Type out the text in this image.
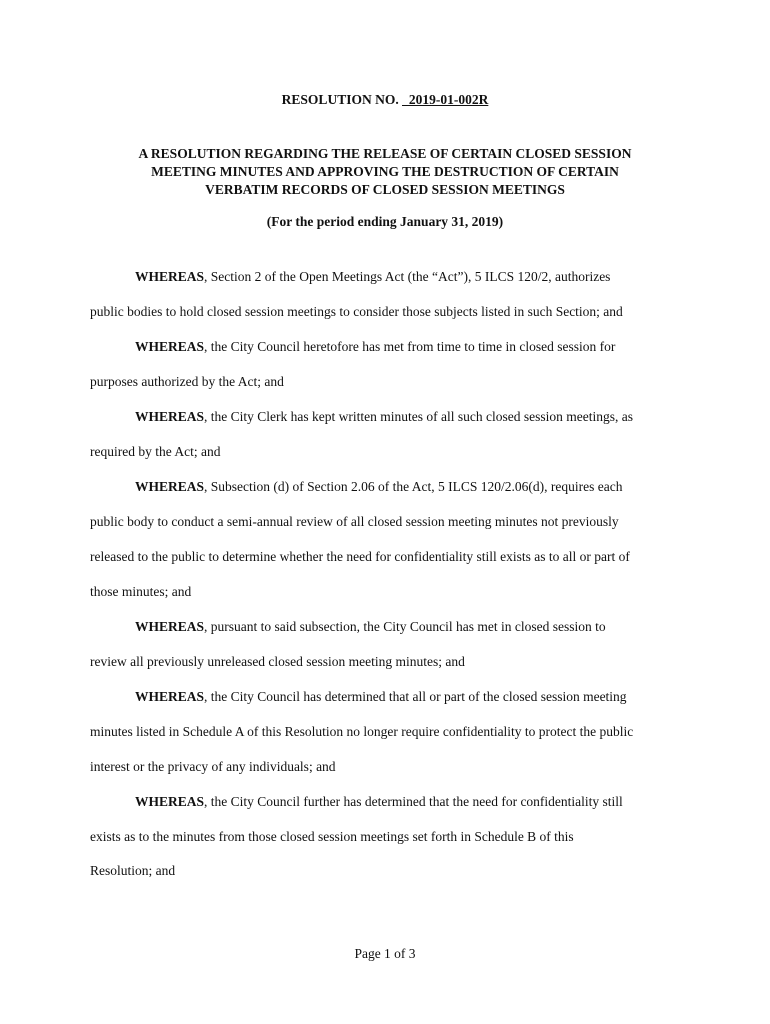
RESOLUTION NO. _2019-01-002R
A RESOLUTION REGARDING THE RELEASE OF CERTAIN CLOSED SESSION
MEETING MINUTES AND APPROVING THE DESTRUCTION OF CERTAIN
VERBATIM RECORDS OF CLOSED SESSION MEETINGS
(For the period ending January 31, 2019)
WHEREAS, Section 2 of the Open Meetings Act (the “Act”), 5 ILCS 120/2, authorizes
public bodies to hold closed session meetings to consider those subjects listed in such Section; and
WHEREAS, the City Council heretofore has met from time to time in closed session for
purposes authorized by the Act; and
WHEREAS, the City Clerk has kept written minutes of all such closed session meetings, as
required by the Act; and
WHEREAS, Subsection (d) of Section 2.06 of the Act, 5 ILCS 120/2.06(d), requires each
public body to conduct a semi-annual review of all closed session meeting minutes not previously
released to the public to determine whether the need for confidentiality still exists as to all or part of
those minutes; and
WHEREAS, pursuant to said subsection, the City Council has met in closed session to
review all previously unreleased closed session meeting minutes; and
WHEREAS, the City Council has determined that all or part of the closed session meeting
minutes listed in Schedule A of this Resolution no longer require confidentiality to protect the public
interest or the privacy of any individuals; and
WHEREAS, the City Council further has determined that the need for confidentiality still
exists as to the minutes from those closed session meetings set forth in Schedule B of this
Resolution; and
Page 1 of 3
